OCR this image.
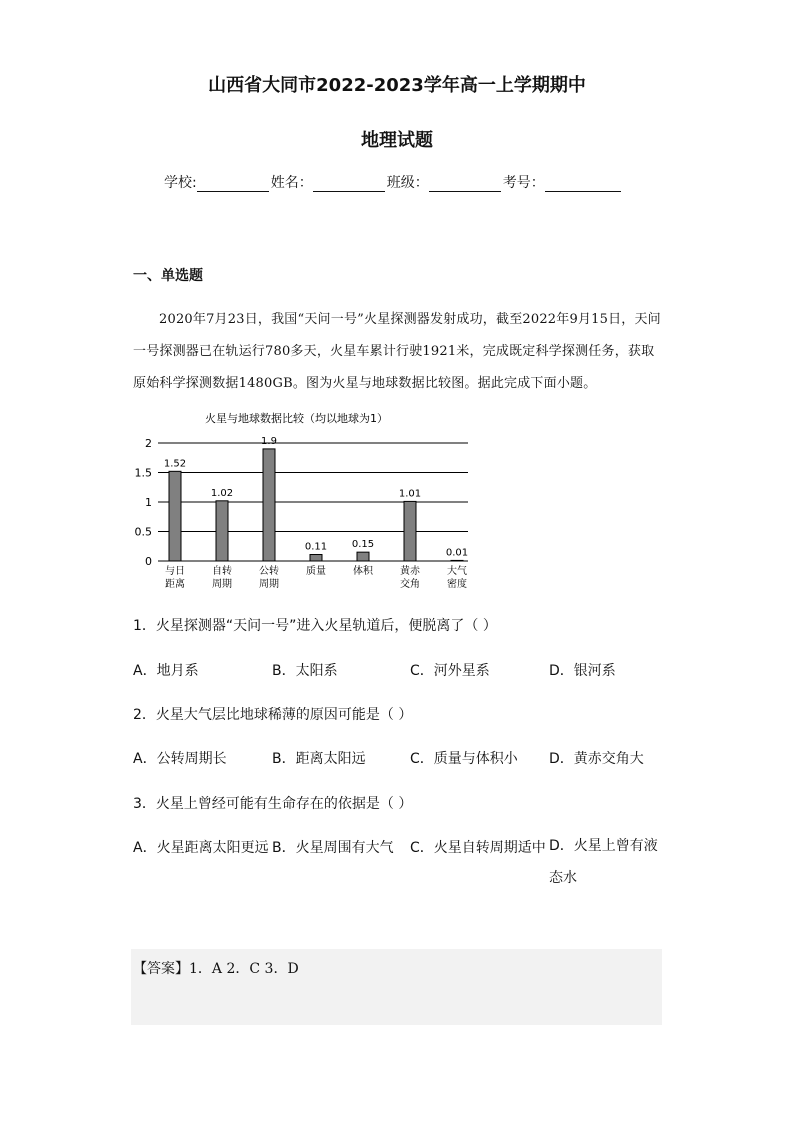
山西省大同市2022-2023学年高一上学期期中
地理试题
学校:	姓名：	班级：	考号：
一、单选题
2020年7月23日，我国“天问一号”火星探测器发射成功，截至2022年9月15日，天问一号探测器已在轨运行780多天，火星车累计行驶1921米，完成既定科学探测任务，获取原始科学探测数据1480GB。图为火星与地球数据比较图。据此完成下面小题。
火星与地球数据比较（均以地球为1）
0
0.5
1
1.5
2
1.52
与日
距离
1.02
自转
周期
1.9
公转
周期
0.11
质量
0.15
体积
1.01
黄赤
交角
0.01
大气
密度
1．火星探测器“天问一号”进入火星轨道后，便脱离了（ ）
A．地月系	B．太阳系	C．河外星系	D．银河系
2．火星大气层比地球稀薄的原因可能是（ ）
A．公转周期长	B．距离太阳远	C．质量与体积小 D．黄赤交角大
3．火星上曾经可能有生命存在的依据是（ ）
A．火星距离太阳更远 B．火星周围有大气 C．火星自转周期适中 D．火星上曾有液态水
【答案】1．A 2．C 3．D
